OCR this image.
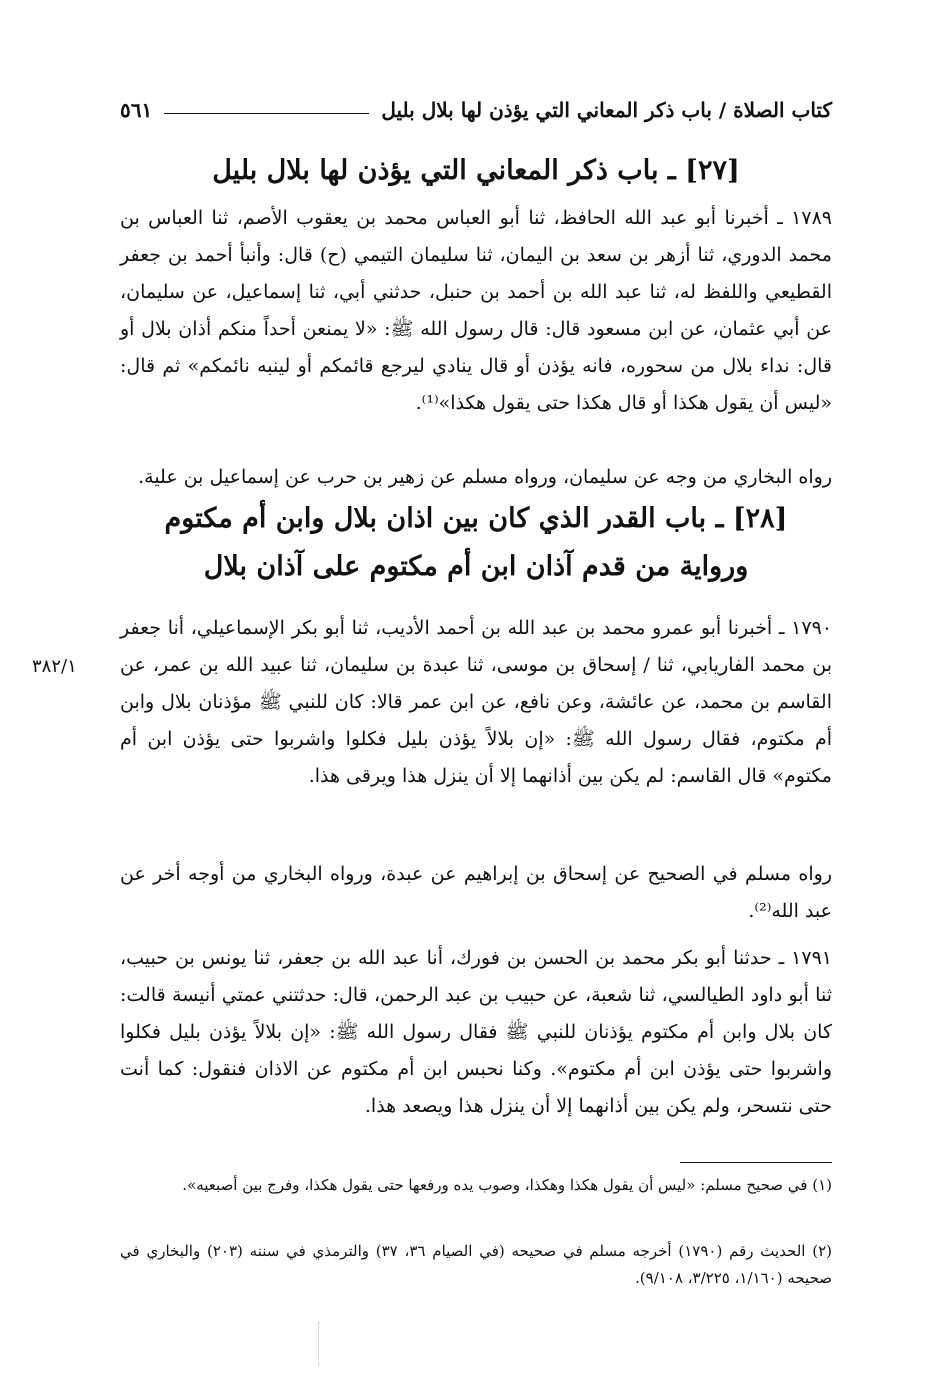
كتاب الصلاة / باب ذكر المعاني التي يؤذن لها بلال بليل
٥٦١
[٢٧] ـ باب ذكر المعاني التي يؤذن لها بلال بليل

١٧٨٩ ـ أخبرنا أبو عبد الله الحافظ، ثنا أبو العباس محمد بن يعقوب الأصم، ثنا العباس بن محمد الدوري، ثنا أزهر بن سعد بن اليمان، ثنا سليمان التيمي (ح) قال: وأنبأ أحمد بن جعفر القطيعي واللفظ له، ثنا عبد الله بن أحمد بن حنبل، حدثني أبي، ثنا إسماعيل، عن سليمان، عن أبي عثمان، عن ابن مسعود قال: قال رسول الله ﷺ: «لا يمنعن أحداً منكم أذان بلال أو قال: نداء بلال من سحوره، فانه يؤذن أو قال ينادي ليرجع قائمكم أو لينبه نائمكم» ثم قال: «ليس أن يقول هكذا أو قال هكذا حتى يقول هكذا»⁽¹⁾.

رواه البخاري من وجه عن سليمان، ورواه مسلم عن زهير بن حرب عن إسماعيل بن علية.

[٢٨] ـ باب القدر الذي كان بين اذان بلال وابن أم مكتوم
ورواية من قدم آذان ابن أم مكتوم على آذان بلال

١٧٩٠ ـ أخبرنا أبو عمرو محمد بن عبد الله بن أحمد الأديب، ثنا أبو بكر الإسماعيلي، أنا جعفر بن محمد الفاريابي، ثنا / إسحاق بن موسى، ثنا عبدة بن سليمان، ثنا عبيد الله بن عمر، عن القاسم بن محمد، عن عائشة، وعن نافع، عن ابن عمر قالا: كان للنبي ﷺ مؤذنان بلال وابن أم مكتوم، فقال رسول الله ﷺ: «إن بلالاً يؤذن بليل فكلوا واشربوا حتى يؤذن ابن أم مكتوم» قال القاسم: لم يكن بين أذانهما إلا أن ينزل هذا ويرقى هذا.

٣٨٢/١

رواه مسلم في الصحيح عن إسحاق بن إبراهيم عن عبدة، ورواه البخاري من أوجه أخر عن عبد الله⁽²⁾.

١٧٩١ ـ حدثنا أبو بكر محمد بن الحسن بن فورك، أنا عبد الله بن جعفر، ثنا يونس بن حبيب، ثنا أبو داود الطيالسي، ثنا شعبة، عن حبيب بن عبد الرحمن، قال: حدثتني عمتي أنيسة قالت: كان بلال وابن أم مكتوم يؤذنان للنبي ﷺ فقال رسول الله ﷺ: «إن بلالاً يؤذن بليل فكلوا واشربوا حتى يؤذن ابن أم مكتوم». وكنا نحبس ابن أم مكتوم عن الاذان فنقول: كما أنت حتى نتسحر، ولم يكن بين أذانهما إلا أن ينزل هذا ويصعد هذا.

(١) في صحيح مسلم: «ليس أن يقول هكذا وهكذا، وصوب يده ورفعها حتى يقول هكذا، وفرج بين أصبعيه».

(٢) الحديث رقم (١٧٩٠) أخرجه مسلم في صحيحه (في الصيام ٣٦، ٣٧) والترمذي في سننه (٢٠٣) والبخاري في صحيحه (١/١٦٠، ٣/٢٢٥، ٩/١٠٨).
